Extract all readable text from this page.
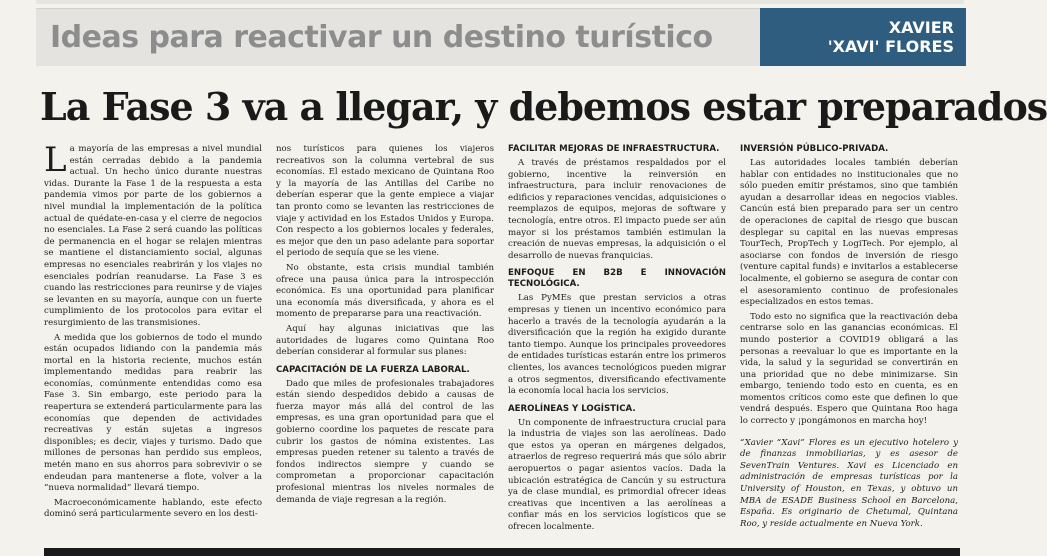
Ideas para reactivar un destino turístico	XAVIER
'XAVI' FLORES
La Fase 3 va a llegar, y debemos estar preparados

La mayoría de las empresas a nivel mundial están cerradas debido a la pandemia actual. Un hecho único durante nuestras vidas. Durante la Fase 1 de la respuesta a esta pandemia vimos por parte de los gobiernos a nivel mundial la implementación de la política actual de quédate-en-casa y el cierre de negocios no esenciales. La Fase 2 será cuando las políticas de permanencia en el hogar se relajen mientras se mantiene el distanciamiento social, algunas empresas no esenciales reabrirán y los viajes no esenciales podrían reanudarse. La Fase 3 es cuando las restricciones para reunirse y de viajes se levanten en su mayoría, aunque con un fuerte cumplimiento de los protocolos para evitar el resurgimiento de las transmisiones.

A medida que los gobiernos de todo el mundo están ocupados lidiando con la pandemia más mortal en la historia reciente, muchos están implementando medidas para reabrir las economías, comúnmente entendidas como esa Fase 3. Sin embargo, este periodo para la reapertura se extenderá particularmente para las economías que dependen de actividades recreativas y están sujetas a ingresos disponibles; es decir, viajes y turismo. Dado que millones de personas han perdido sus empleos, metén mano en sus ahorros para sobrevivir o se endeudan para mantenerse a flote, volver a la “nueva normalidad” llevará tiempo.

Macroeconómicamente hablando, este efecto dominó será particularmente severo en los desti-

nos turísticos para quienes los viajeros recreativos son la columna vertebral de sus economías. El estado mexicano de Quintana Roo y la mayoría de las Antillas del Caribe no deberían esperar que la gente empiece a viajar tan pronto como se levanten las restricciones de viaje y actividad en los Estados Unidos y Europa. Con respecto a los gobiernos locales y federales, es mejor que den un paso adelante para soportar el periodo de sequía que se les viene.

No obstante, esta crisis mundial también ofrece una pausa única para la introspección económica. Es una oportunidad para planificar una economía más diversificada, y ahora es el momento de prepararse para una reactivación.

Aquí hay algunas iniciativas que las autoridades de lugares como Quintana Roo deberían considerar al formular sus planes:

CAPACITACIÓN DE LA FUERZA LABORAL.

Dado que miles de profesionales trabajadores están siendo despedidos debido a causas de fuerza mayor más allá del control de las empresas, es una gran oportunidad para que el gobierno coordine los paquetes de rescate para cubrir los gastos de nómina existentes. Las empresas pueden retener su talento a través de fondos indirectos siempre y cuando se comprometan a proporcionar capacitación profesional mientras los niveles normales de demanda de viaje regresan a la región.

FACILITAR MEJORAS DE INFRAESTRUCTURA.

A través de préstamos respaldados por el gobierno, incentive la reinversión en infraestructura, para incluir renovaciones de edificios y reparaciones vencidas, adquisiciones o reemplazos de equipos, mejoras de software y tecnología, entre otros. El impacto puede ser aún mayor si los préstamos también estimulan la creación de nuevas empresas, la adquisición o el desarrollo de nuevas franquicias.

ENFOQUE EN B2B E INNOVACIÓN TECNOLÓGICA.

Las PyMEs que prestan servicios a otras empresas y tienen un incentivo económico para hacerlo a través de la tecnología ayudarán a la diversificación que la región ha exigido durante tanto tiempo. Aunque los principales proveedores de entidades turísticas estarán entre los primeros clientes, los avances tecnológicos pueden migrar a otros segmentos, diversificando efectivamente la economía local hacia los servicios.

AEROLÍNEAS Y LOGÍSTICA.

Un componente de infraestructura crucial para la industria de viajes son las aerolíneas. Dado que estos ya operan en márgenes delgados, atraerlos de regreso requerirá más que sólo abrir aeropuertos o pagar asientos vacíos. Dada la ubicación estratégica de Cancún y su estructura ya de clase mundial, es primordial ofrecer ideas creativas que incentiven a las aerolíneas a confiar más en los servicios logísticos que se ofrecen localmente.

INVERSIÓN PÚBLICO-PRIVADA.

Las autoridades locales también deberían hablar con entidades no institucionales que no sólo pueden emitir préstamos, sino que también ayudan a desarrollar ideas en negocios viables. Cancún está bien preparado para ser un centro de operaciones de capital de riesgo que buscan desplegar su capital en las nuevas empresas TourTech, PropTech y LogiTech. Por ejemplo, al asociarse con fondos de inversión de riesgo (venture capital funds) e invitarlos a establecerse localmente, el gobierno se asegura de contar con el asesoramiento continuo de profesionales especializados en estos temas.

Todo esto no significa que la reactivación deba centrarse solo en las ganancias económicas. El mundo posterior a COVID19 obligará a las personas a reevaluar lo que es importante en la vida, la salud y la seguridad se convertirán en una prioridad que no debe minimizarse. Sin embargo, teniendo todo esto en cuenta, es en momentos críticos como este que definen lo que vendrá después. Espero que Quintana Roo haga lo correcto y ¡pongámonos en marcha hoy!

“Xavier “Xavi” Flores es un ejecutivo hotelero y de finanzas inmobiliarias, y es asesor de SevenTrain Ventures. Xavi es Licenciado en administración de empresas turísticas por la University of Houston, en Texas, y obtuvo un MBA de ESADE Business School en Barcelona, España. Es originario de Chetumal, Quintana Roo, y reside actualmente en Nueva York.
